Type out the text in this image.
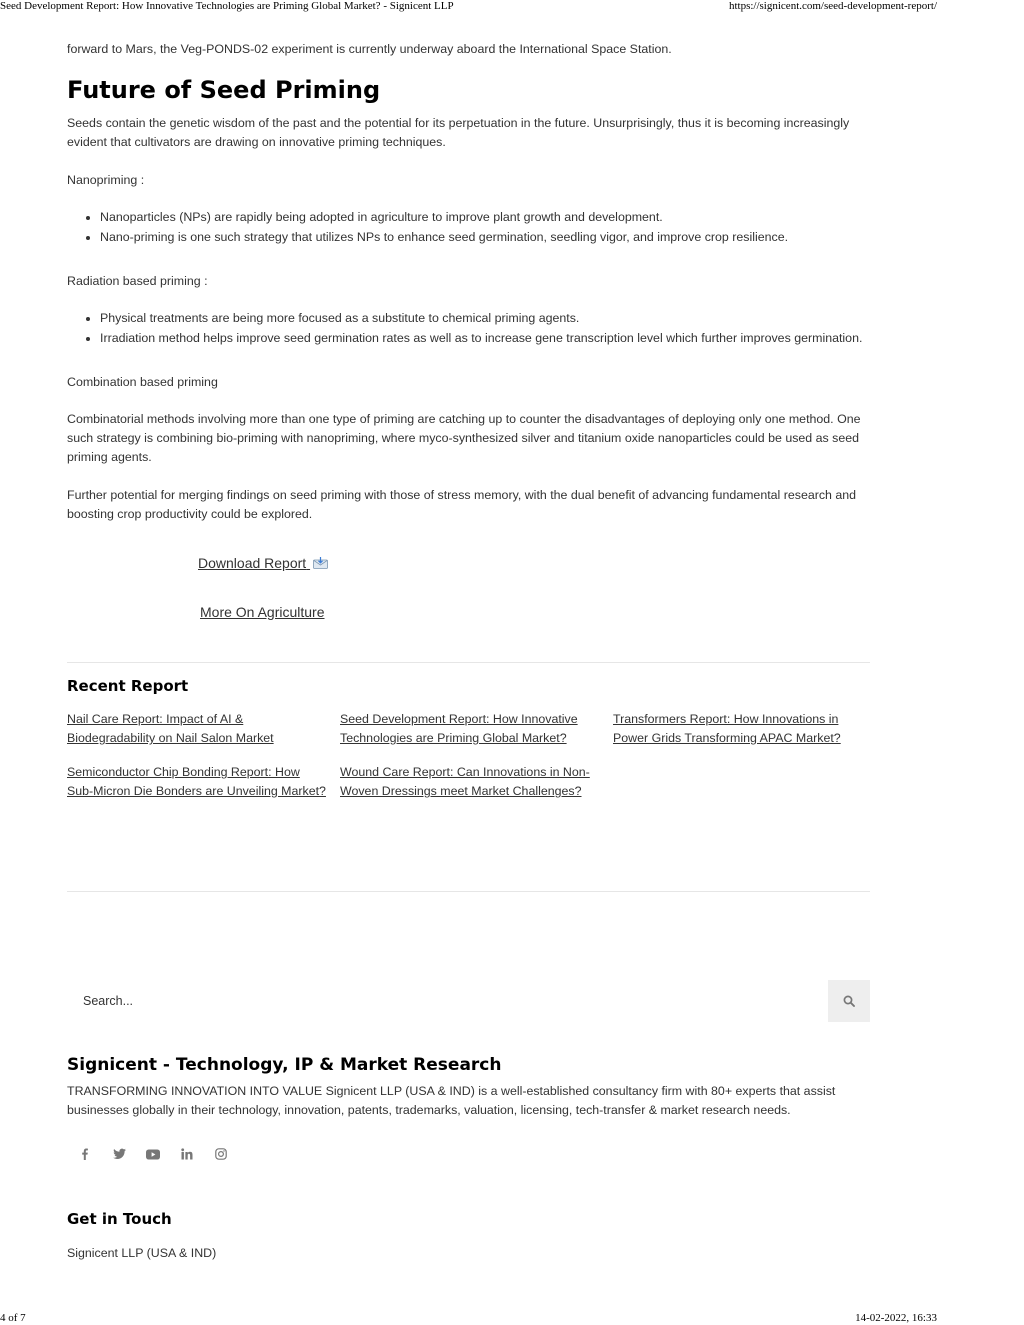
Seed Development Report: How Innovative Technologies are Priming Global Market? - Signicent LLP	https://signicent.com/seed-development-report/

forward to Mars, the Veg-PONDS-02 experiment is currently underway aboard the International Space Station.

Future of Seed Priming

Seeds contain the genetic wisdom of the past and the potential for its perpetuation in the future. Unsurprisingly, thus it is becoming increasingly evident that cultivators are drawing on innovative priming techniques.

Nanopriming :

• Nanoparticles (NPs) are rapidly being adopted in agriculture to improve plant growth and development.
• Nano-priming is one such strategy that utilizes NPs to enhance seed germination, seedling vigor, and improve crop resilience.

Radiation based priming :

• Physical treatments are being more focused as a substitute to chemical priming agents.
• Irradiation method helps improve seed germination rates as well as to increase gene transcription level which further improves germination.

Combination based priming

Combinatorial methods involving more than one type of priming are catching up to counter the disadvantages of deploying only one method. One such strategy is combining bio-priming with nanopriming, where myco-synthesized silver and titanium oxide nanoparticles could be used as seed priming agents.

Further potential for merging findings on seed priming with those of stress memory, with the dual benefit of advancing fundamental research and boosting crop productivity could be explored.

Download Report
More On Agriculture
Recent Report
Nail Care Report: Impact of AI & Biodegradability on Nail Salon Market
Seed Development Report: How Innovative Technologies are Priming Global Market?
Transformers Report: How Innovations in Power Grids Transforming APAC Market?
Semiconductor Chip Bonding Report: How Sub-Micron Die Bonders are Unveiling Market?
Wound Care Report: Can Innovations in Non-Woven Dressings meet Market Challenges?
Search...
Signicent - Technology, IP & Market Research

TRANSFORMING INNOVATION INTO VALUE Signicent LLP (USA & IND) is a well-established consultancy firm with 80+ experts that assist businesses globally in their technology, innovation, patents, trademarks, valuation, licensing, tech-transfer & market research needs.

Get in Touch

Signicent LLP (USA & IND)

4 of 7	14-02-2022, 16:33
